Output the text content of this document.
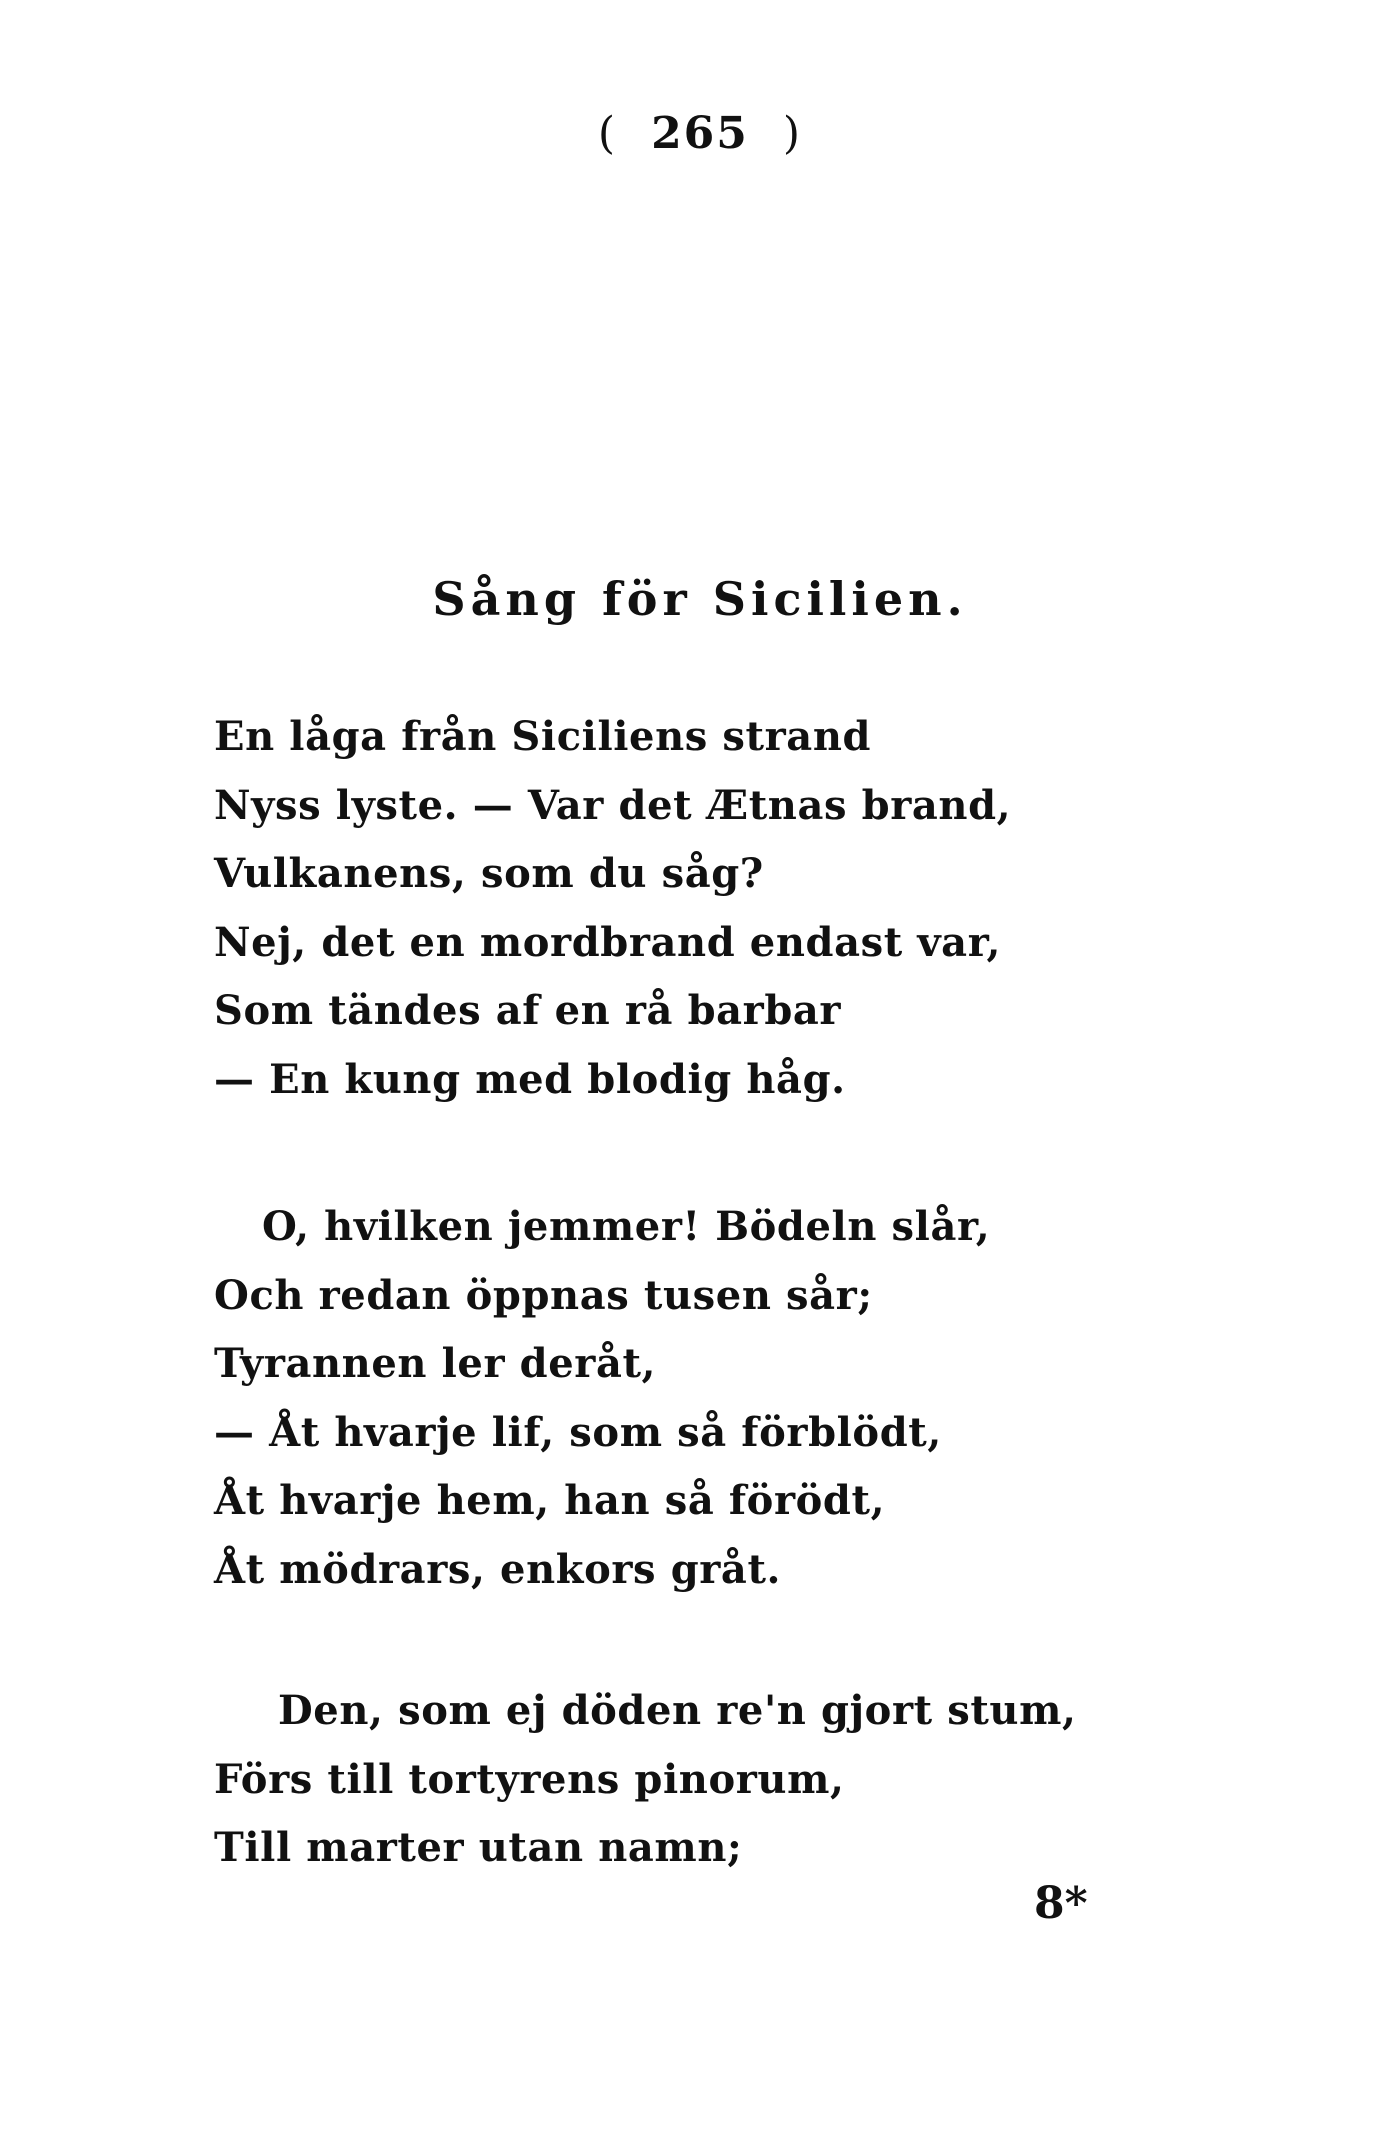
( 265 )
Sång för Sicilien.
En låga från Siciliens strand
Nyss lyste. — Var det Ætnas brand,
Vulkanens, som du såg?
Nej, det en mordbrand endast var,
Som tändes af en rå barbar
— En kung med blodig håg.
O, hvilken jemmer! Bödeln slår,
Och redan öppnas tusen sår;
Tyrannen ler deråt,
— Åt hvarje lif, som så förblödt,
Åt hvarje hem, han så förödt,
Åt mödrars, enkors gråt.
Den, som ej döden re'n gjort stum,
Förs till tortyrens pinorum,
Till marter utan namn;
8*
